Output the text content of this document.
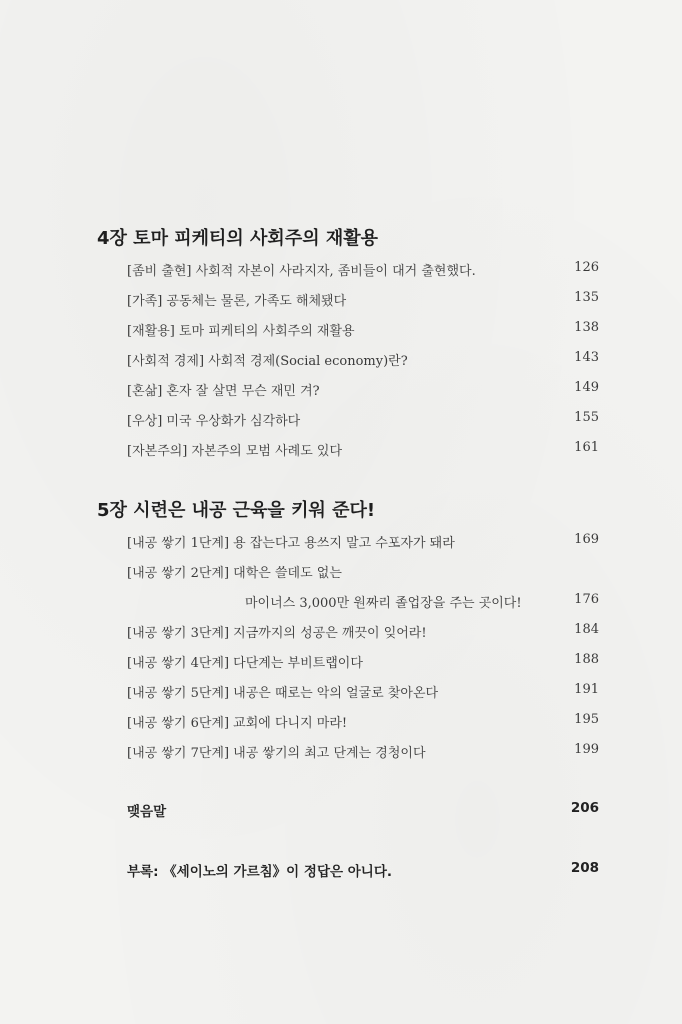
4장 토마 피케티의 사회주의 재활용
[좀비 출현] 사회적 자본이 사라지자, 좀비들이 대거 출현했다.	126
[가족] 공동체는 물론, 가족도 해체됐다	135
[재활용] 토마 피케티의 사회주의 재활용	138
[사회적 경제] 사회적 경제(Social economy)란?	143
[혼삶] 혼자 잘 살면 무슨 재민 겨?	149
[우상] 미국 우상화가 심각하다	155
[자본주의] 자본주의 모범 사례도 있다	161
5장 시련은 내공 근육을 키워 준다!
[내공 쌓기 1단계] 용 잡는다고 용쓰지 말고 수포자가 돼라	169
[내공 쌓기 2단계] 대학은 쓸데도 없는
마이너스 3,000만 원짜리 졸업장을 주는 곳이다!	176
[내공 쌓기 3단계] 지금까지의 성공은 깨끗이 잊어라!	184
[내공 쌓기 4단계] 다단계는 부비트랩이다	188
[내공 쌓기 5단계] 내공은 때로는 악의 얼굴로 찾아온다	191
[내공 쌓기 6단계] 교회에 다니지 마라!	195
[내공 쌓기 7단계] 내공 쌓기의 최고 단계는 경청이다	199
맺음말	206
부록: 《세이노의 가르침》이 정답은 아니다.	208
